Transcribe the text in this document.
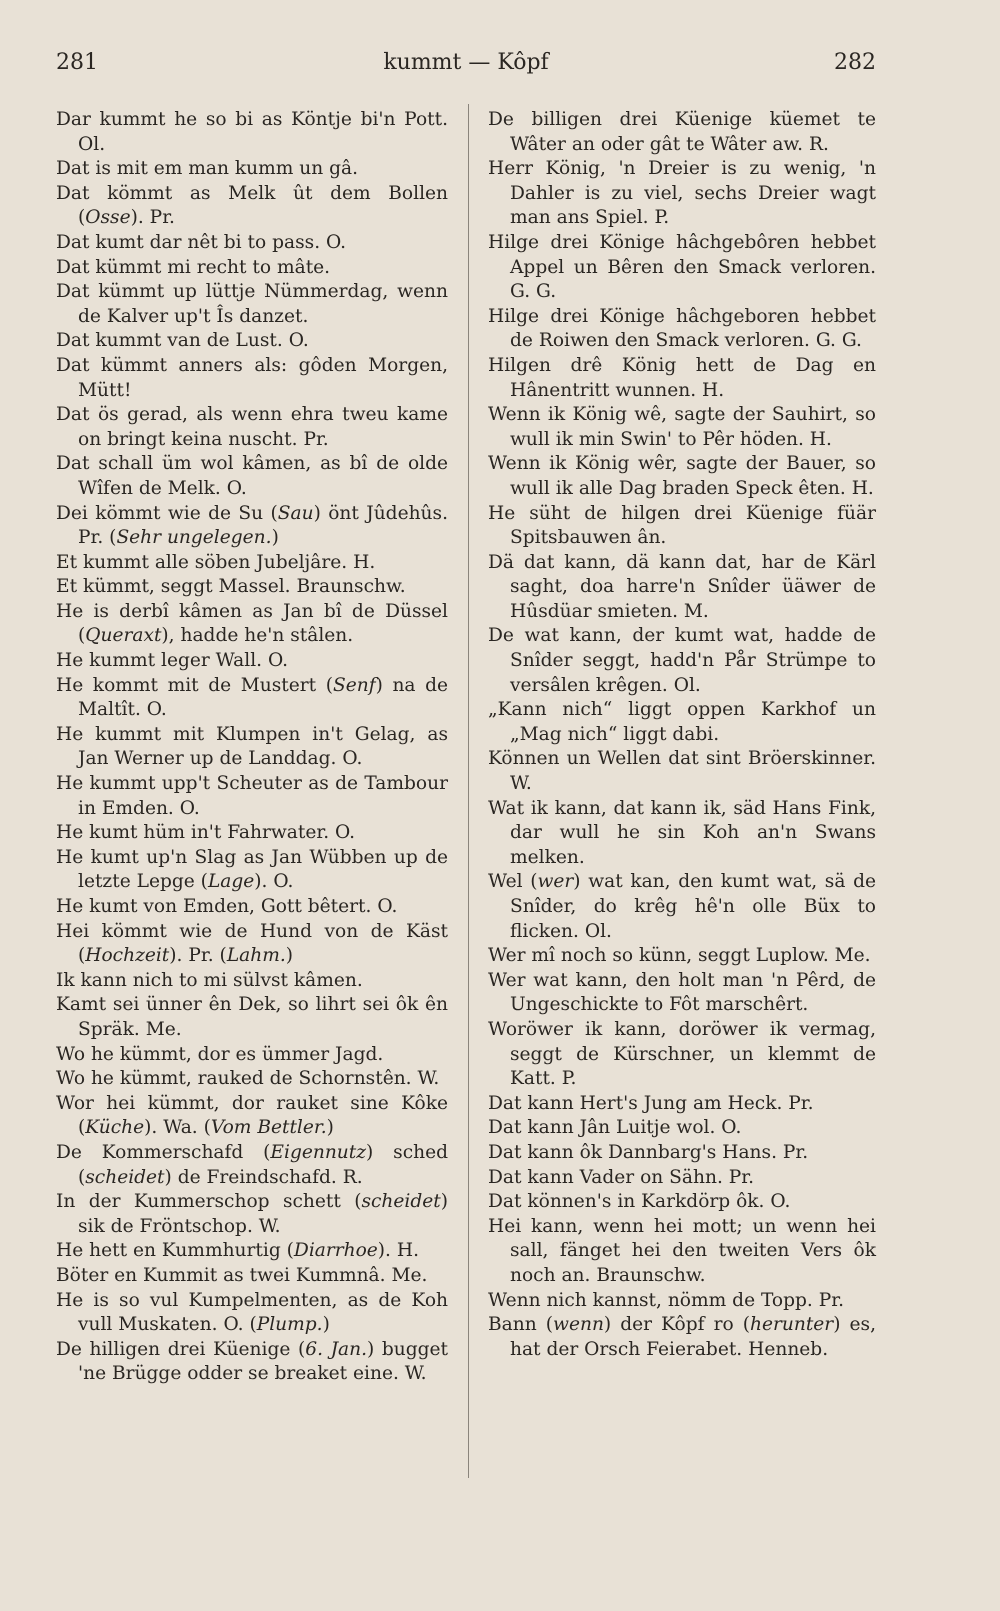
281	kummt — Kôpf	282

Dar kummt he so bi as Köntje bi'n Pott. Ol.

Dat is mit em man kumm un gâ.

Dat kömmt as Melk ût dem Bollen (Osse). Pr.

Dat kumt dar nêt bi to pass. O.

Dat kümmt mi recht to mâte.

Dat kümmt up lüttje Nümmerdag, wenn de Kalver up't Îs danzet.

Dat kummt van de Lust. O.

Dat kümmt anners als: gôden Morgen, Mütt!

Dat ös gerad, als wenn ehra tweu kame on bringt keina nuscht. Pr.

Dat schall üm wol kâmen, as bî de olde Wîfen de Melk. O.

Dei kömmt wie de Su (Sau) önt Jûdehûs. Pr. (Sehr ungelegen.)

Et kummt alle söben Jubeljâre. H.

Et kümmt, seggt Massel. Braunschw.

He is derbî kâmen as Jan bî de Düssel (Queraxt), hadde he'n stâlen.

He kummt leger Wall. O.

He kommt mit de Mustert (Senf) na de Maltît. O.

He kummt mit Klumpen in't Gelag, as Jan Werner up de Landdag. O.

He kummt upp't Scheuter as de Tambour in Emden. O.

He kumt hüm in't Fahrwater. O.

He kumt up'n Slag as Jan Wübben up de letzte Lepge (Lage). O.

He kumt von Emden, Gott bêtert. O.

Hei kömmt wie de Hund von de Käst (Hochzeit). Pr. (Lahm.)

Ik kann nich to mi sülvst kâmen.

Kamt sei ünner ên Dek, so lihrt sei ôk ên Spräk. Me.

Wo he kümmt, dor es ümmer Jagd.

Wo he kümmt, rauked de Schornstên. W.

Wor hei kümmt, dor rauket sine Kôke (Küche). Wa. (Vom Bettler.)

De Kommerschafd (Eigennutz) sched (scheidet) de Freindschafd. R.

In der Kummerschop schett (scheidet) sik de Fröntschop. W.

He hett en Kummhurtig (Diarrhoe). H.

Böter en Kummit as twei Kummnâ. Me.

He is so vul Kumpelmenten, as de Koh vull Muskaten. O. (Plump.)

De hilligen drei Küenige (6. Jan.) bugget 'ne Brügge odder se breaket eine. W.

De billigen drei Küenige küemet te Wâter an oder gât te Wâter aw. R.

Herr König, 'n Dreier is zu wenig, 'n Dahler is zu viel, sechs Dreier wagt man ans Spiel. P.

Hilge drei Könige hâchgebôren hebbet Appel un Bêren den Smack verloren. G. G.

Hilge drei Könige hâchgeboren hebbet de Roiwen den Smack verloren. G. G.

Hilgen drê König hett de Dag en Hânentritt wunnen. H.

Wenn ik König wê, sagte der Sauhirt, so wull ik min Swin' to Pêr höden. H.

Wenn ik König wêr, sagte der Bauer, so wull ik alle Dag braden Speck êten. H.

He süht de hilgen drei Küenige füär Spitsbauwen ân.

Dä dat kann, dä kann dat, har de Kärl saght, doa harre'n Snîder üäwer de Hûsdüar smieten. M.

De wat kann, der kumt wat, hadde de Snîder seggt, hadd'n Pår Strümpe to versâlen krêgen. Ol.

„Kann nich“ liggt oppen Karkhof un „Mag nich“ liggt dabi.

Können un Wellen dat sint Bröerskinner. W.

Wat ik kann, dat kann ik, säd Hans Fink, dar wull he sin Koh an'n Swans melken.

Wel (wer) wat kan, den kumt wat, sä de Snîder, do krêg hê'n olle Büx to flicken. Ol.

Wer mî noch so künn, seggt Luplow. Me.

Wer wat kann, den holt man 'n Pêrd, de Ungeschickte to Fôt marschêrt.

Woröwer ik kann, doröwer ik vermag, seggt de Kürschner, un klemmt de Katt. P.

Dat kann Hert's Jung am Heck. Pr.

Dat kann Jân Luitje wol. O.

Dat kann ôk Dannbarg's Hans. Pr.

Dat kann Vader on Sähn. Pr.

Dat können's in Karkdörp ôk. O.

Hei kann, wenn hei mott; un wenn hei sall, fänget hei den tweiten Vers ôk noch an. Braunschw.

Wenn nich kannst, nömm de Topp. Pr.

Bann (wenn) der Kôpf ro (herunter) es, hat der Orsch Feierabet. Henneb.
